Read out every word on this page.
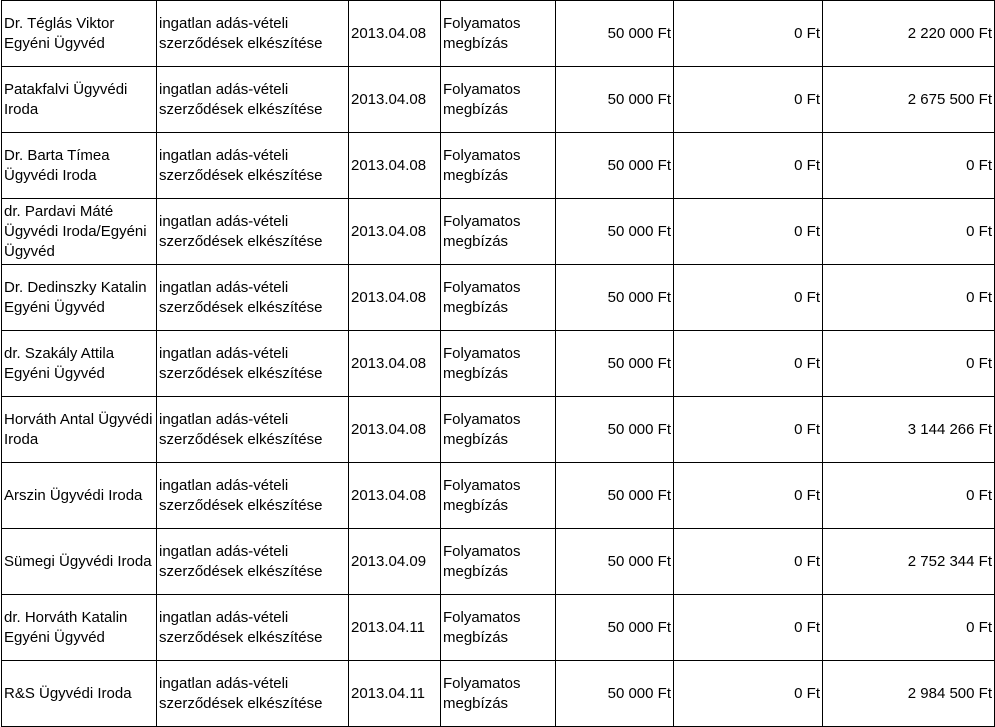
Dr. Téglás Viktor Egyéni Ügyvéd	ingatlan adás-vételi szerződések elkészítése	2013.04.08	Folyamatos megbízás	50 000 Ft	0 Ft	2 220 000 Ft
Patakfalvi Ügyvédi Iroda	ingatlan adás-vételi szerződések elkészítése	2013.04.08	Folyamatos megbízás	50 000 Ft	0 Ft	2 675 500 Ft
Dr. Barta Tímea Ügyvédi Iroda	ingatlan adás-vételi szerződések elkészítése	2013.04.08	Folyamatos megbízás	50 000 Ft	0 Ft	0 Ft
dr. Pardavi Máté Ügyvédi Iroda/Egyéni Ügyvéd	ingatlan adás-vételi szerződések elkészítése	2013.04.08	Folyamatos megbízás	50 000 Ft	0 Ft	0 Ft
Dr. Dedinszky Katalin Egyéni Ügyvéd	ingatlan adás-vételi szerződések elkészítése	2013.04.08	Folyamatos megbízás	50 000 Ft	0 Ft	0 Ft
dr. Szakály Attila Egyéni Ügyvéd	ingatlan adás-vételi szerződések elkészítése	2013.04.08	Folyamatos megbízás	50 000 Ft	0 Ft	0 Ft
Horváth Antal Ügyvédi Iroda	ingatlan adás-vételi szerződések elkészítése	2013.04.08	Folyamatos megbízás	50 000 Ft	0 Ft	3 144 266 Ft
Arszin Ügyvédi Iroda	ingatlan adás-vételi szerződések elkészítése	2013.04.08	Folyamatos megbízás	50 000 Ft	0 Ft	0 Ft
Sümegi Ügyvédi Iroda	ingatlan adás-vételi szerződések elkészítése	2013.04.09	Folyamatos megbízás	50 000 Ft	0 Ft	2 752 344 Ft
dr. Horváth Katalin Egyéni Ügyvéd	ingatlan adás-vételi szerződések elkészítése	2013.04.11	Folyamatos megbízás	50 000 Ft	0 Ft	0 Ft
R&S Ügyvédi Iroda	ingatlan adás-vételi szerződések elkészítése	2013.04.11	Folyamatos megbízás	50 000 Ft	0 Ft	2 984 500 Ft
